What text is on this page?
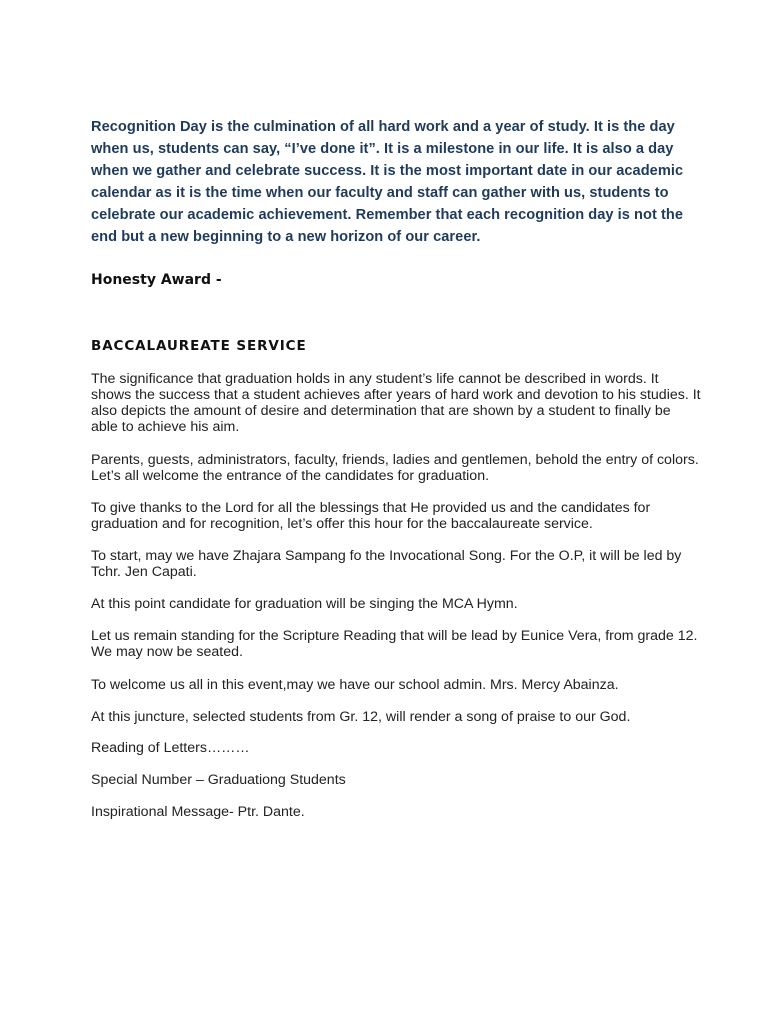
Recognition Day is the culmination of all hard work and a year of study. It is the day when us, students can say, “I’ve done it”. It is a milestone in our life. It is also a day when we gather and celebrate success. It is the most important date in our academic calendar as it is the time when our faculty and staff can gather with us, students to celebrate our academic achievement. Remember that each recognition day is not the end but a new beginning to a new horizon of our career.

Honesty Award -

BACCALAUREATE SERVICE

The significance that graduation holds in any student’s life cannot be described in words. It shows the success that a student achieves after years of hard work and devotion to his studies. It also depicts the amount of desire and determination that are shown by a student to finally be able to achieve his aim.

Parents, guests, administrators, faculty, friends, ladies and gentlemen, behold the entry of colors. Let’s all welcome the entrance of the candidates for graduation.

To give thanks to the Lord for all the blessings that He provided us and the candidates for graduation and for recognition, let’s offer this hour for the baccalaureate service.

To start, may we have Zhajara Sampang fo the Invocational Song. For the O.P, it will be led by Tchr. Jen Capati.

At this point candidate for graduation will be singing the MCA Hymn.

Let us remain standing for the Scripture Reading that will be lead by Eunice Vera, from grade 12. We may now be seated.

To welcome us all in this event,may we have our school admin. Mrs. Mercy Abainza.

At this juncture, selected students from Gr. 12, will render a song of praise to our God.

Reading of Letters………

Special Number – Graduationg Students

Inspirational Message- Ptr. Dante.
